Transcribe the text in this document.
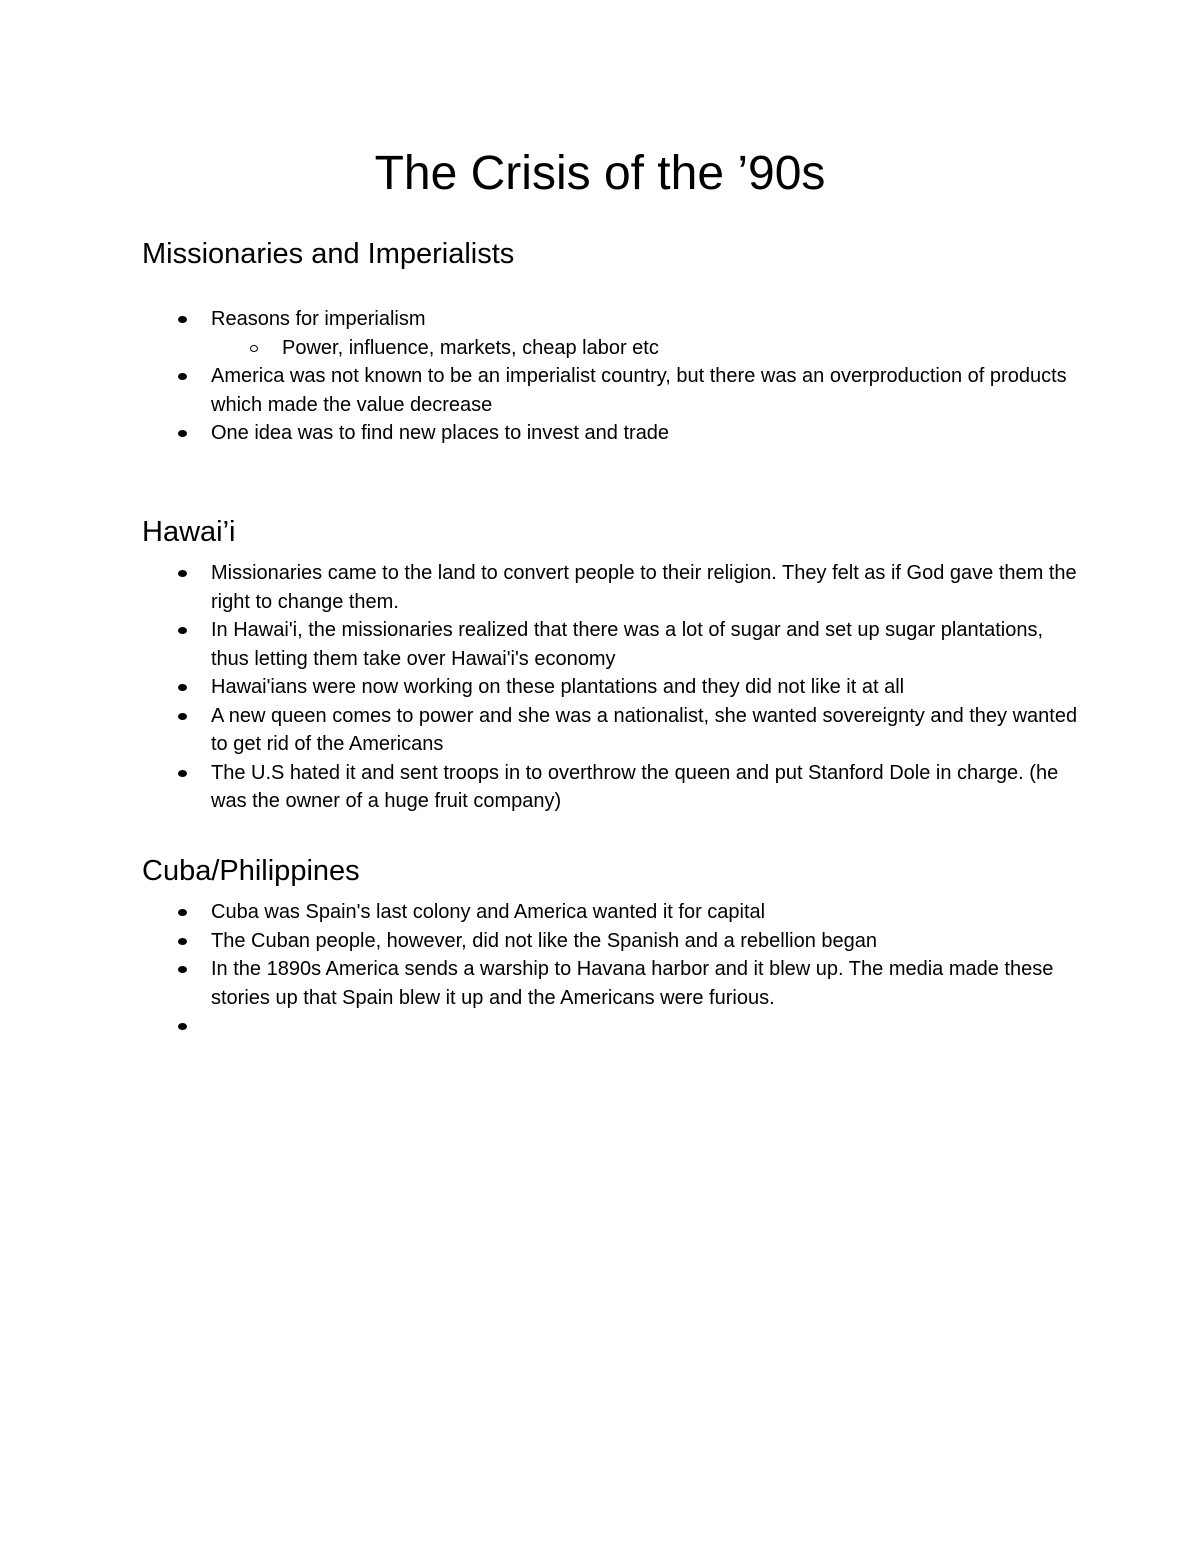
The Crisis of the ’90s
Missionaries and Imperialists
Reasons for imperialism
Power, influence, markets, cheap labor etc
America was not known to be an imperialist country, but there was an overproduction of products which made the value decrease
One idea was to find new places to invest and trade
Hawai’i
Missionaries came to the land to convert people to their religion. They felt as if God gave them the right to change them.
In Hawai'i, the missionaries realized that there was a lot of sugar and set up sugar plantations, thus letting them take over Hawai'i's economy
Hawai'ians were now working on these plantations and they did not like it at all
A new queen comes to power and she was a nationalist, she wanted sovereignty and they wanted to get rid of the Americans
The U.S hated it and sent troops in to overthrow the queen and put Stanford Dole in charge. (he was the owner of a huge fruit company)
Cuba/Philippines
Cuba was Spain's last colony and America wanted it for capital
The Cuban people, however, did not like the Spanish and a rebellion began
In the 1890s America sends a warship to Havana harbor and it blew up. The media made these stories up that Spain blew it up and the Americans were furious.
